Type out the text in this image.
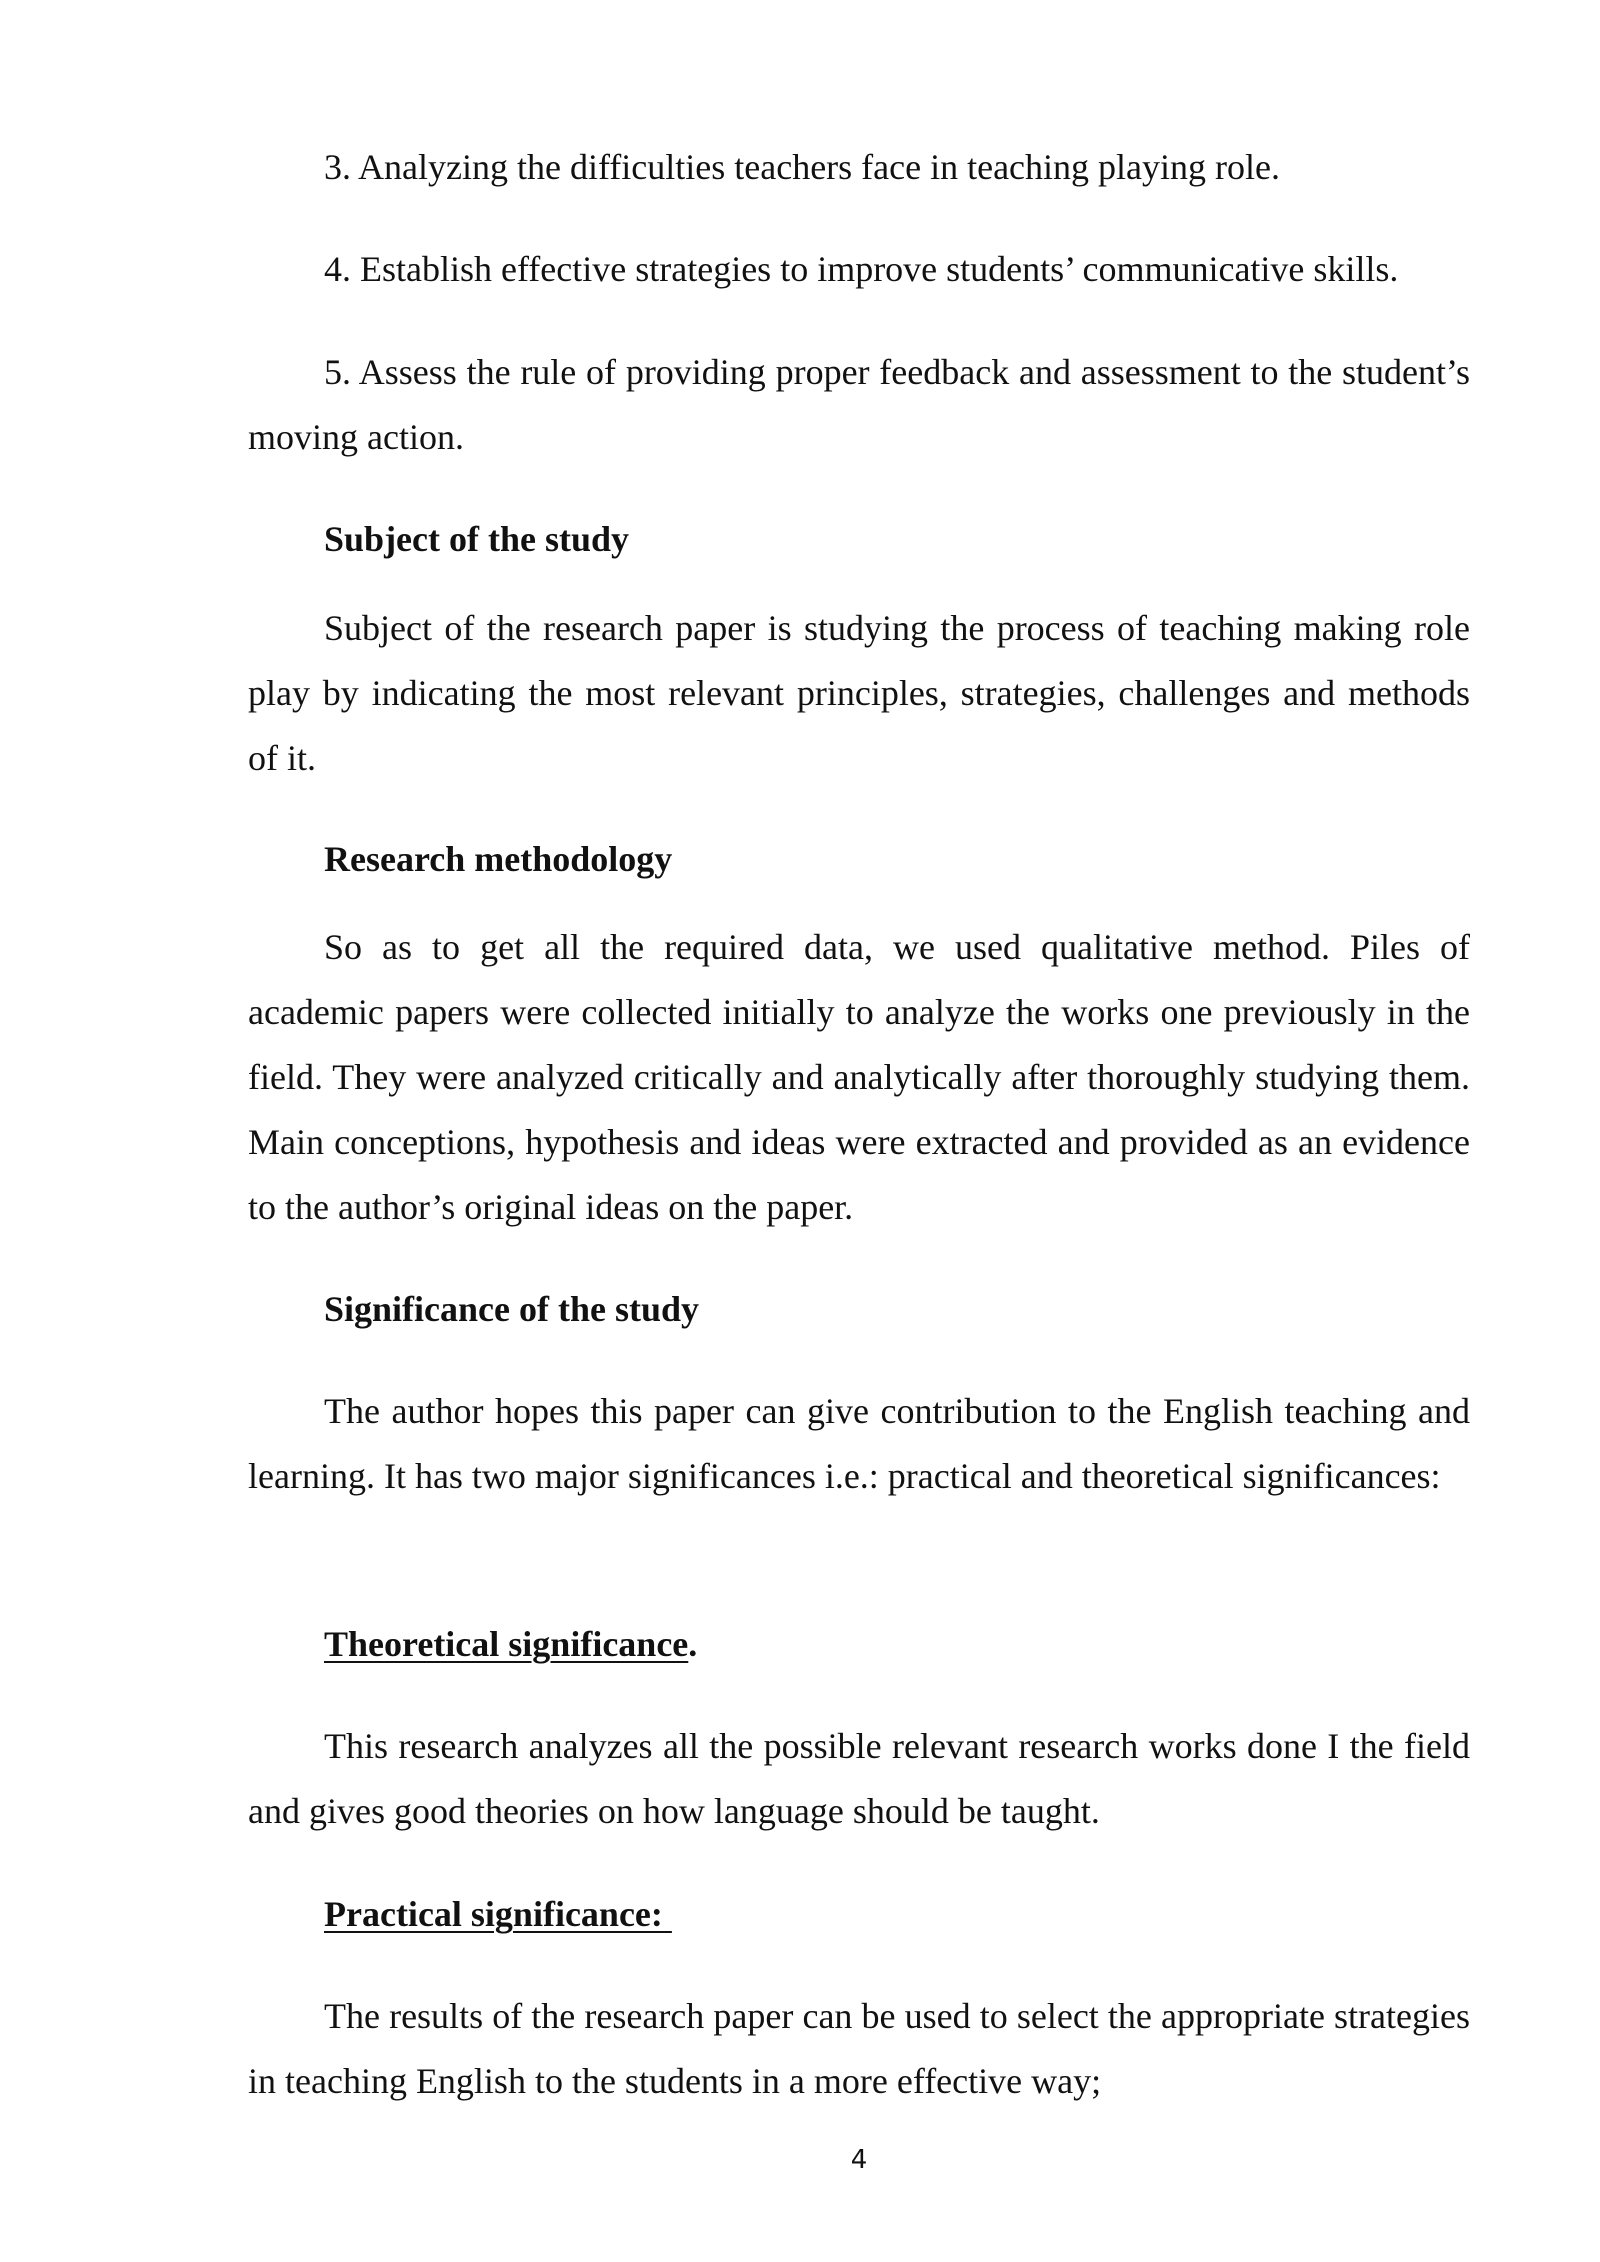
3. Analyzing the difficulties teachers face in teaching playing role.

4. Establish effective strategies to improve students’ communicative skills.

5. Assess the rule of providing proper feedback and assessment to the student’s moving action.

Subject of the study

Subject of the research paper is studying the process of teaching making role play by indicating the most relevant principles, strategies, challenges and methods of it.

Research methodology

So as to get all the required data, we used qualitative method. Piles of academic papers were collected initially to analyze the works one previously in the field. They were analyzed critically and analytically after thoroughly studying them. Main conceptions, hypothesis and ideas were extracted and provided as an evidence to the author’s original ideas on the paper.

Significance of the study

The author hopes this paper can give contribution to the English teaching and learning. It has two major significances i.e.: practical and theoretical significances:

Theoretical significance.

This research analyzes all the possible relevant research works done I the field and gives good theories on how language should be taught.

Practical significance:

The results of the research paper can be used to select the appropriate strategies in teaching English to the students in a more effective way;

4
